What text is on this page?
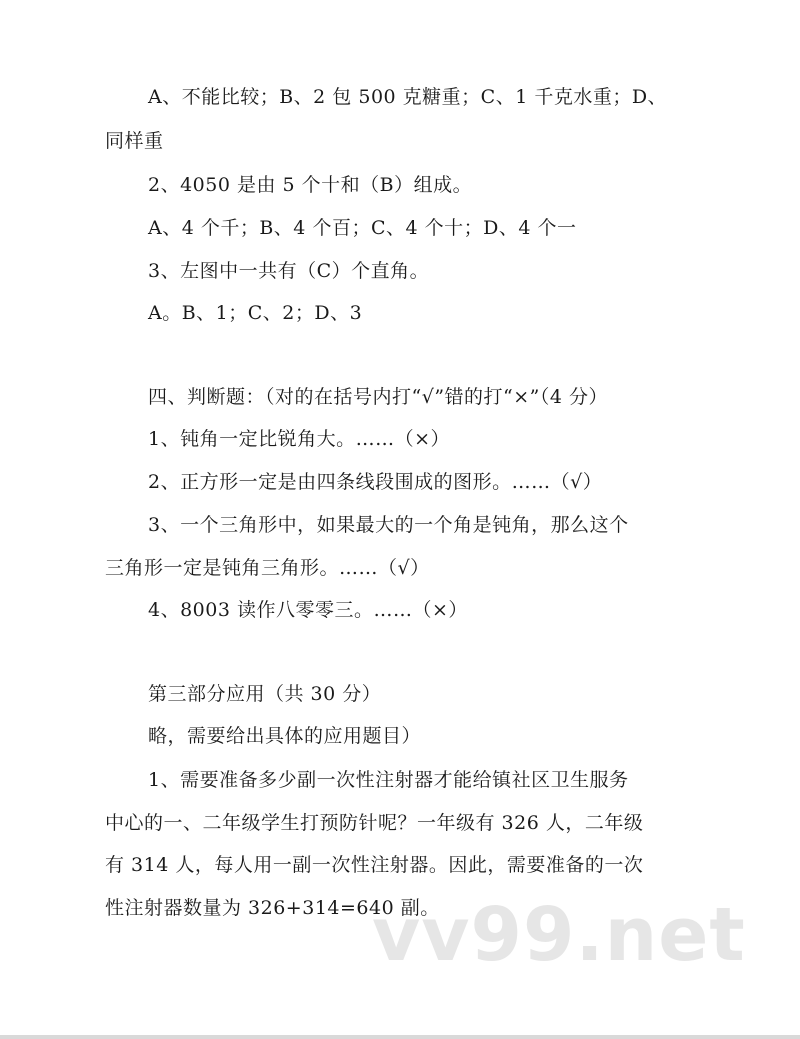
A、不能比较；B、2 包 500 克糖重；C、1 千克水重；D、
同样重
2、4050 是由 5 个十和（B）组成。
A、4 个千；B、4 个百；C、4 个十；D、4 个一
3、左图中一共有（C）个直角。
A。B、1；C、2；D、3
四、判断题：（对的在括号内打“√”错的打“×”（4 分）
1、钝角一定比锐角大。……（×）
2、正方形一定是由四条线段围成的图形。……（√）
3、一个三角形中，如果最大的一个角是钝角，那么这个
三角形一定是钝角三角形。……（√）
4、8003 读作八零零三。……（×）
第三部分应用（共 30 分）
略，需要给出具体的应用题目）
1、需要准备多少副一次性注射器才能给镇社区卫生服务
中心的一、二年级学生打预防针呢？一年级有 326 人，二年级
有 314 人，每人用一副一次性注射器。因此，需要准备的一次
性注射器数量为 326+314=640 副。
vv99.net
